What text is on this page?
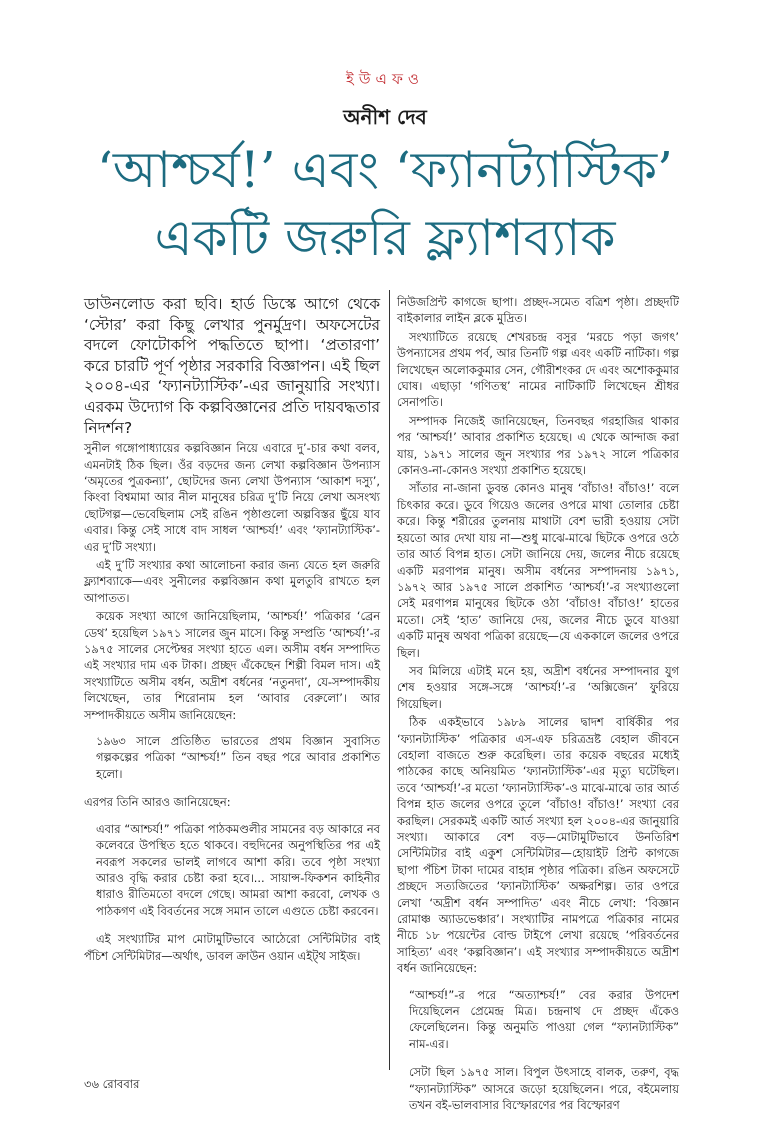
ইউএফও
অনীশ দেব
‘আশ্চর্য!’ এবং ‘ফ্যানট্যাস্টিক’
একটি জরুরি ফ্ল্যাশব্যাক

ডাউনলোড করা ছবি। হার্ড ডিস্কে আগে থেকে ‘স্টোর’ করা কিছু লেখার পুনর্মুদ্রণ। অফসেটের বদলে ফোটোকপি পদ্ধতিতে ছাপা। ‘প্রতারণা’ করে চারটি পূর্ণ পৃষ্ঠার সরকারি বিজ্ঞাপন। এই ছিল ২০০৪-এর ‘ফ্যানট্যাস্টিক’-এর জানুয়ারি সংখ্যা। এরকম উদ্যোগ কি কল্পবিজ্ঞানের প্রতি দায়বদ্ধতার নিদর্শন?

সুনীল গঙ্গোপাধ্যায়ের কল্পবিজ্ঞান নিয়ে এবারে দু’-চার কথা বলব, এমনটাই ঠিক ছিল। ওঁর বড়দের জন্য লেখা কল্পবিজ্ঞান উপন্যাস ‘অমৃতের পুত্রকন্যা’, ছোটদের জন্য লেখা উপন্যাস ‘আকাশ দস্যু’, কিংবা বিশ্বমামা আর নীল মানুষের চরিত্র দু’টি নিয়ে লেখা অসংখ্য ছোটগল্প—ভেবেছিলাম সেই রঙিন পৃষ্ঠাগুলো অল্পবিস্তর ছুঁয়ে যাব এবার। কিন্তু সেই সাধে বাদ সাধল ‘আশ্চর্য!’ এবং ‘ফ্যানট্যাস্টিক’-এর দু’টি সংখ্যা।

এই দু’টি সংখ্যার কথা আলোচনা করার জন্য যেতে হল জরুরি ফ্ল্যাশব্যাকে—এবং সুনীলের কল্পবিজ্ঞান কথা মুলতুবি রাখতে হল আপাতত।

কয়েক সংখ্যা আগে জানিয়েছিলাম, ‘আশ্চর্য!’ পত্রিকার ‘ব্রেন ডেথ’ হয়েছিল ১৯৭১ সালের জুন মাসে। কিন্তু সম্প্রতি ‘আশ্চর্য!’-র ১৯৭৫ সালের সেপ্টেম্বর সংখ্যা হাতে এল। অসীম বর্ধন সম্পাদিত এই সংখ্যার দাম এক টাকা। প্রচ্ছদ এঁকেছেন শিল্পী বিমল দাস। এই সংখ্যাটিতে অসীম বর্ধন, অদ্রীশ বর্ধনের ‘নতুনদা’, যে-সম্পাদকীয় লিখেছেন, তার শিরোনাম হল ‘আবার বেরুলো’। আর সম্পাদকীয়তে অসীম জানিয়েছেন:

১৯৬৩ সালে প্রতিষ্ঠিত ভারতের প্রথম বিজ্ঞান সুবাসিত গল্পকল্পের পত্রিকা “আশ্চর্য!” তিন বছর পরে আবার প্রকাশিত হলো।

এরপর তিনি আরও জানিয়েছেন:

এবার “আশ্চর্য!” পত্রিকা পাঠকমণ্ডলীর সামনের বড় আকারে নব কলেবরে উপস্থিত হতে থাকবে। বহুদিনের অনুপস্থিতির পর এই নবরূপ সকলের ভালই লাগবে আশা করি। তবে পৃষ্ঠা সংখ্যা আরও বৃদ্ধি করার চেষ্টা করা হবে।... সায়ান্স-ফিকশন কাহিনীর ধারাও রীতিমতো বদলে গেছে। আমরা আশা করবো, লেখক ও পাঠকগণ এই বিবর্তনের সঙ্গে সমান তালে এগুতে চেষ্টা করবেন।

এই সংখ্যাটির মাপ মোটামুটিভাবে আঠেরো সেন্টিমিটার বাই পঁচিশ সেন্টিমিটার—অর্থাৎ, ডাবল ক্রাউন ওয়ান এইট্থ সাইজ।

নিউজপ্রিন্ট কাগজে ছাপা। প্রচ্ছদ-সমেত বত্রিশ পৃষ্ঠা। প্রচ্ছদটি বাইকালার লাইন ব্লকে মুদ্রিত।

সংখ্যাটিতে রয়েছে শেখরচন্দ্র বসুর ‘মরচে পড়া জগৎ’ উপন্যাসের প্রথম পর্ব, আর তিনটি গল্প এবং একটি নাটিকা। গল্প লিখেছেন অলোককুমার সেন, গৌরীশংকর দে এবং অশোককুমার ঘোষ। এছাড়া ‘গণিতস্থ’ নামের নাটিকাটি লিখেছেন শ্রীধর সেনাপতি।

সম্পাদক নিজেই জানিয়েছেন, তিনবছর গরহাজির থাকার পর ‘আশ্চর্য!’ আবার প্রকাশিত হয়েছে। এ থেকে আন্দাজ করা যায়, ১৯৭১ সালের জুন সংখ্যার পর ১৯৭২ সালে পত্রিকার কোনও-না-কোনও সংখ্যা প্রকাশিত হয়েছে।

সাঁতার না-জানা ডুবন্ত কোনও মানুষ ‘বাঁচাও! বাঁচাও!’ বলে চিৎকার করে। ডুবে গিয়েও জলের ওপরে মাথা তোলার চেষ্টা করে। কিন্তু শরীরের তুলনায় মাথাটা বেশ ভারী হওয়ায় সেটা হয়তো আর দেখা যায় না—শুধু মাঝে-মাঝে ছিটকে ওপরে ওঠে তার আর্ত বিপন্ন হাত। সেটা জানিয়ে দেয়, জলের নীচে রয়েছে একটি মরণাপন্ন মানুষ। অসীম বর্ধনের সম্পাদনায় ১৯৭১, ১৯৭২ আর ১৯৭৫ সালে প্রকাশিত ‘আশ্চর্য!’-র সংখ্যাগুলো সেই মরণাপন্ন মানুষের ছিটকে ওঠা ‘বাঁচাও! বাঁচাও!’ হাতের মতো। সেই ‘হাত’ জানিয়ে দেয়, জলের নীচে ডুবে যাওয়া একটি মানুষ অথবা পত্রিকা রয়েছে—যে এককালে জলের ওপরে ছিল।

সব মিলিয়ে এটাই মনে হয়, অদ্রীশ বর্ধনের সম্পাদনার যুগ শেষ হওয়ার সঙ্গে-সঙ্গে ‘আশ্চর্য!’-র ‘অক্সিজেন’ ফুরিয়ে গিয়েছিল।

ঠিক একইভাবে ১৯৮৯ সালের দ্বাদশ বার্ষিকীর পর ‘ফ্যানট্যাস্টিক’ পত্রিকার এস-এফ চরিত্রভ্রষ্ট বেহাল জীবনে বেহালা বাজতে শুরু করেছিল। তার কয়েক বছরের মধ্যেই পাঠকের কাছে অনিয়মিত ‘ফ্যানট্যাস্টিক’-এর মৃত্যু ঘটেছিল। তবে ‘আশ্চর্য!’-র মতো ‘ফ্যানট্যাস্টিক’-ও মাঝে-মাঝে তার আর্ত বিপন্ন হাত জলের ওপরে তুলে ‘বাঁচাও! বাঁচাও!’ সংখ্যা বের করছিল। সেরকমই একটি আর্ত সংখ্যা হল ২০০৪-এর জানুয়ারি সংখ্যা। আকারে বেশ বড়—মোটামুটিভাবে উনতিরিশ সেন্টিমিটার বাই একুশ সেন্টিমিটার—হোয়াইট প্রিন্ট কাগজে ছাপা পঁচিশ টাকা দামের বাহান্ন পৃষ্ঠার পত্রিকা। রঙিন অফসেটে প্রচ্ছদে সত্যজিতের ‘ফ্যানট্যাস্টিক’ অক্ষরশিল্প। তার ওপরে লেখা ‘অদ্রীশ বর্ধন সম্পাদিত’ এবং নীচে লেখা: ‘বিজ্ঞান রোমাঞ্চ অ্যাডভেঞ্চার’। সংখ্যাটির নামপত্রে পত্রিকার নামের নীচে ১৮ পয়েন্টের বোল্ড টাইপে লেখা রয়েছে ‘পরিবর্তনের সাহিত্য’ এবং ‘কল্পবিজ্ঞান’। এই সংখ্যার সম্পাদকীয়তে অদ্রীশ বর্ধন জানিয়েছেন:

“আশ্চর্য!”-র পরে “অত্যাশ্চর্য!” বের করার উপদেশ দিয়েছিলেন প্রেমেন্দ্র মিত্র। চন্দ্রনাথ দে প্রচ্ছদ এঁকেও ফেলেছিলেন। কিন্তু অনুমতি পাওয়া গেল “ফ্যানট্যাস্টিক” নাম-এর।

সেটা ছিল ১৯৭৫ সাল। বিপুল উৎসাহে বালক, তরুণ, বৃদ্ধ “ফ্যানট্যাস্টিক” আসরে জড়ো হয়েছিলেন। পরে, বইমেলায় তখন বই-ভালবাসার বিস্ফোরণের পর বিস্ফোরণ

৩৬ রোববার
